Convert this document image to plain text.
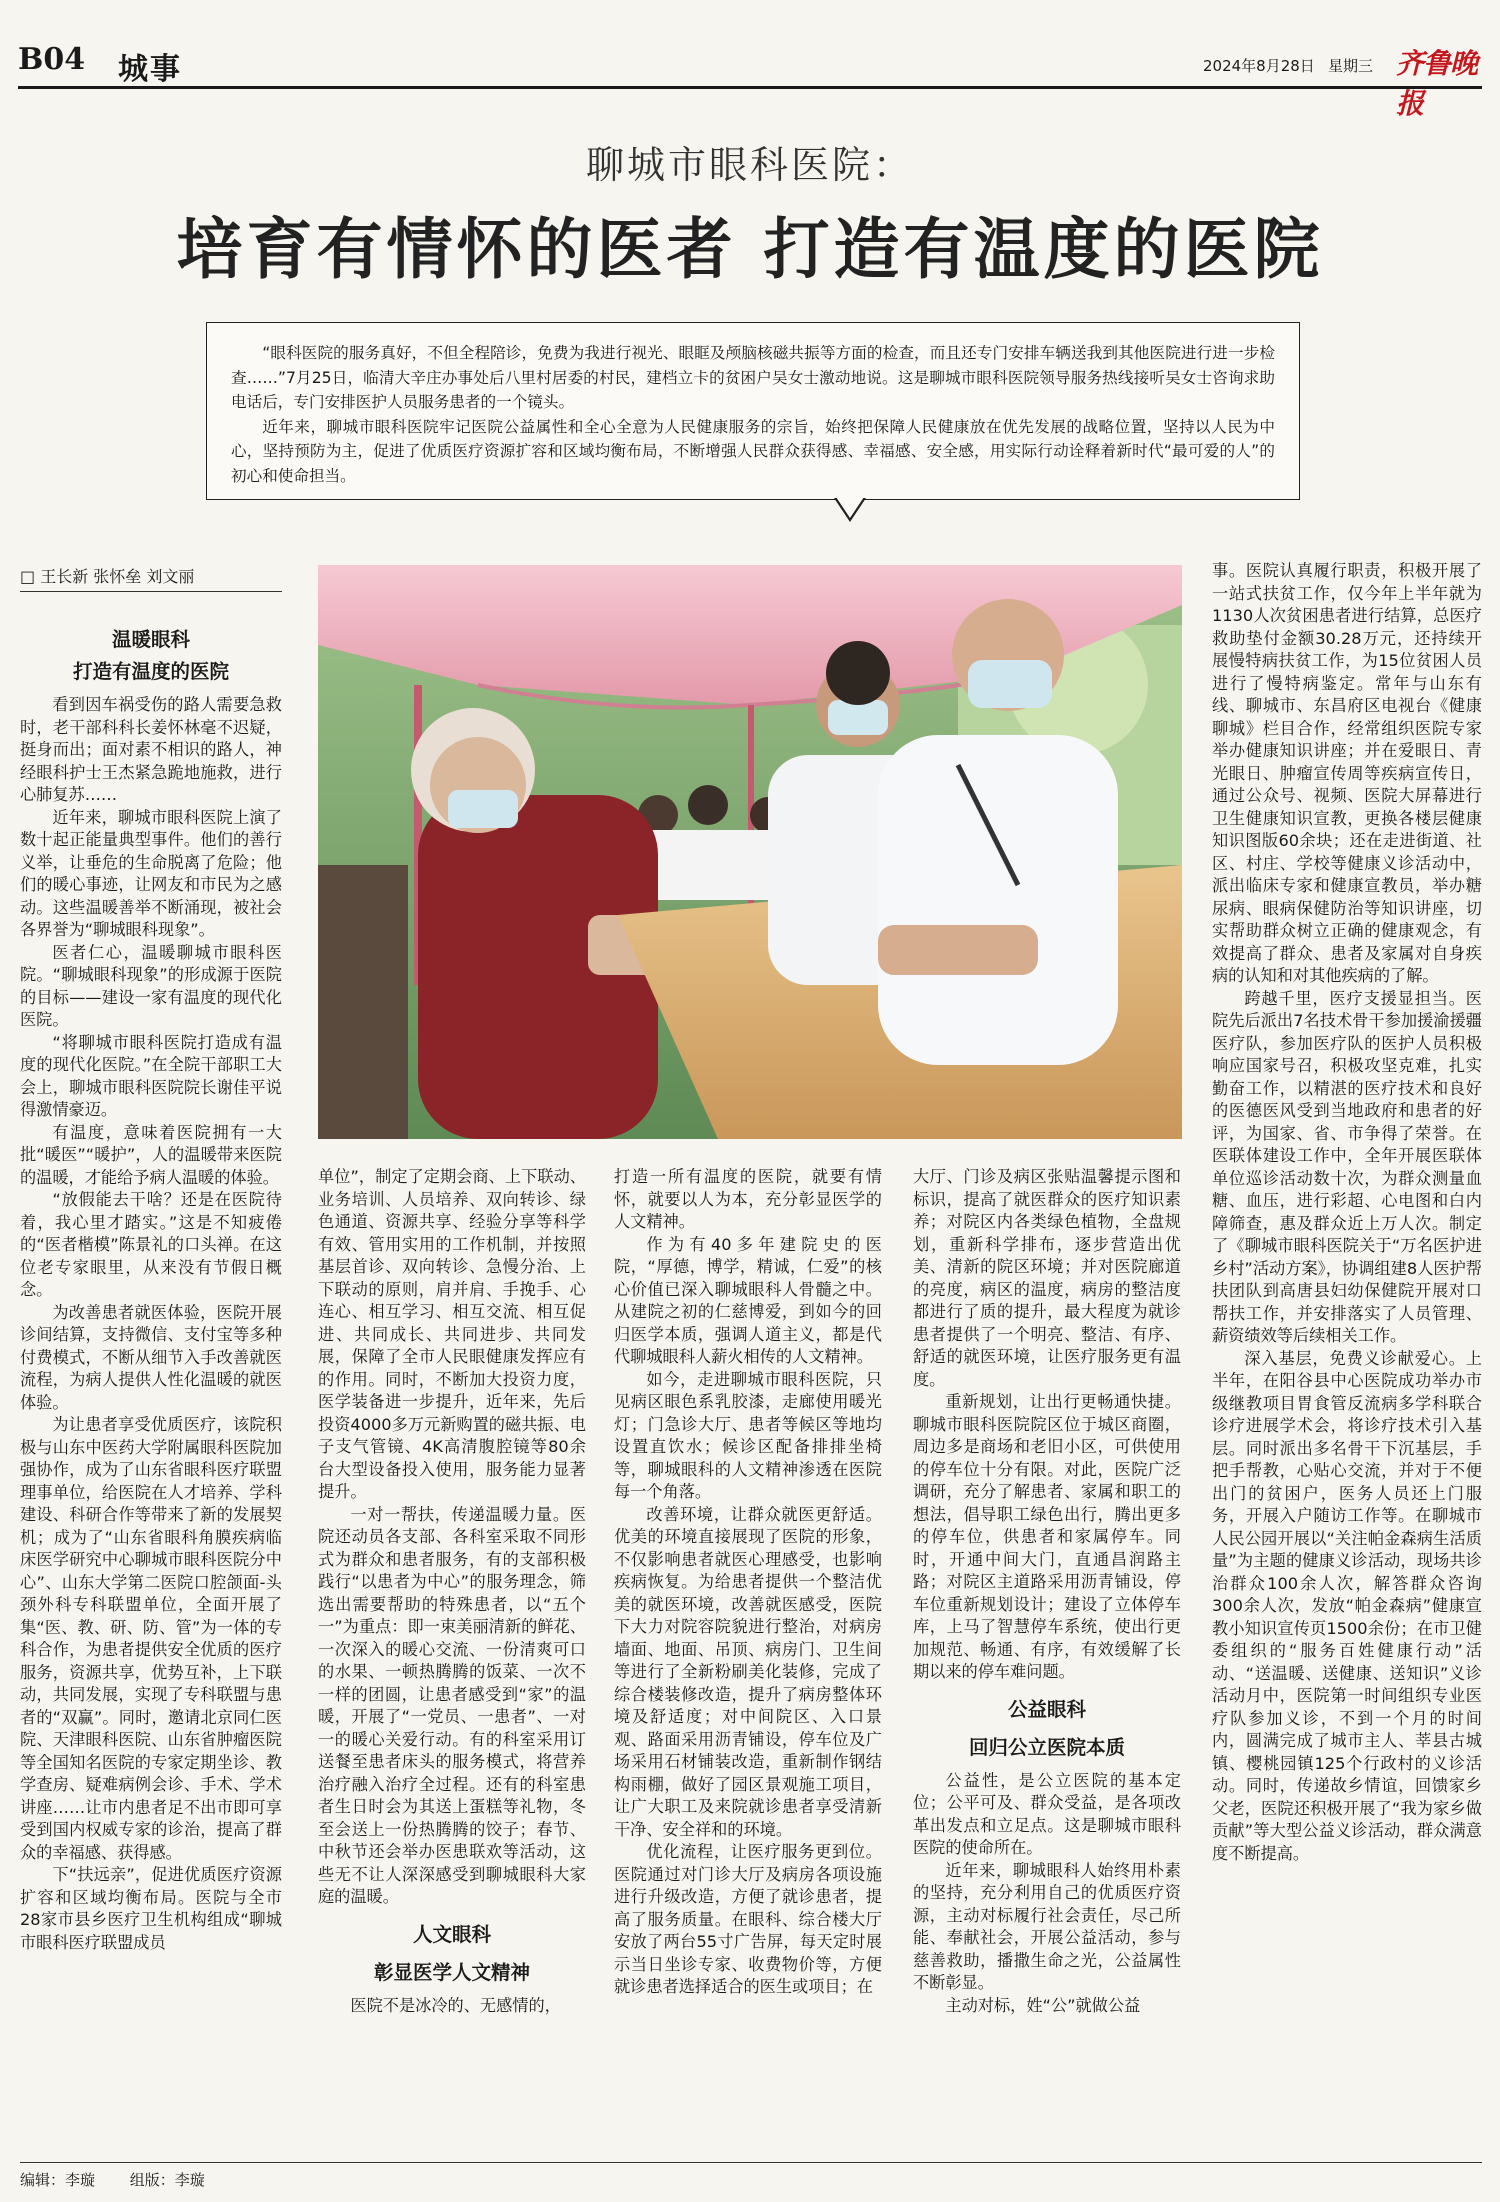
B04 城事	2024年8月28日 星期三 齐鲁晚报
聊城市眼科医院：
培育有情怀的医者 打造有温度的医院

“眼科医院的服务真好，不但全程陪诊，免费为我进行视光、眼眶及颅脑核磁共振等方面的检查，而且还专门安排车辆送我到其他医院进行进一步检查……”7月25日，临清大辛庄办事处后八里村居委的村民，建档立卡的贫困户吴女士激动地说。这是聊城市眼科医院领导服务热线接听吴女士咨询求助电话后，专门安排医护人员服务患者的一个镜头。

近年来，聊城市眼科医院牢记医院公益属性和全心全意为人民健康服务的宗旨，始终把保障人民健康放在优先发展的战略位置，坚持以人民为中心，坚持预防为主，促进了优质医疗资源扩容和区域均衡布局，不断增强人民群众获得感、幸福感、安全感，用实际行动诠释着新时代“最可爱的人”的初心和使命担当。

□ 王长新 张怀垒 刘文丽
温暖眼科
打造有温度的医院

看到因车祸受伤的路人需要急救时，老干部科科长姜怀林毫不迟疑，挺身而出；面对素不相识的路人，神经眼科护士王杰紧急跪地施救，进行心肺复苏……

近年来，聊城市眼科医院上演了数十起正能量典型事件。他们的善行义举，让垂危的生命脱离了危险；他们的暖心事迹，让网友和市民为之感动。这些温暖善举不断涌现，被社会各界誉为“聊城眼科现象”。

医者仁心，温暖聊城市眼科医院。“聊城眼科现象”的形成源于医院的目标——建设一家有温度的现代化医院。

“将聊城市眼科医院打造成有温度的现代化医院。”在全院干部职工大会上，聊城市眼科医院院长谢佳平说得激情豪迈。

有温度，意味着医院拥有一大批“暖医”“暖护”，人的温暖带来医院的温暖，才能给予病人温暖的体验。

“放假能去干啥？还是在医院待着，我心里才踏实。”这是不知疲倦的“医者楷模”陈景礼的口头禅。在这位老专家眼里，从来没有节假日概念。

为改善患者就医体验，医院开展诊间结算，支持微信、支付宝等多种付费模式，不断从细节入手改善就医流程，为病人提供人性化温暖的就医体验。

为让患者享受优质医疗，该院积极与山东中医药大学附属眼科医院加强协作，成为了山东省眼科医疗联盟理事单位，给医院在人才培养、学科建设、科研合作等带来了新的发展契机；成为了“山东省眼科角膜疾病临床医学研究中心聊城市眼科医院分中心”、山东大学第二医院口腔颌面-头颈外科专科联盟单位，全面开展了集“医、教、研、防、管”为一体的专科合作，为患者提供安全优质的医疗服务，资源共享，优势互补，上下联动，共同发展，实现了专科联盟与患者的“双赢”。同时，邀请北京同仁医院、天津眼科医院、山东省肿瘤医院等全国知名医院的专家定期坐诊、教学查房、疑难病例会诊、手术、学术讲座……让市内患者足不出市即可享受到国内权威专家的诊治，提高了群众的幸福感、获得感。

下“扶远亲”，促进优质医疗资源扩容和区域均衡布局。医院与全市28家市县乡医疗卫生机构组成“聊城市眼科医疗联盟成员

单位”，制定了定期会商、上下联动、业务培训、人员培养、双向转诊、绿色通道、资源共享、经验分享等科学有效、管用实用的工作机制，并按照基层首诊、双向转诊、急慢分治、上下联动的原则，肩并肩、手挽手、心连心、相互学习、相互交流、相互促进、共同成长、共同进步、共同发展，保障了全市人民眼健康发挥应有的作用。同时，不断加大投资力度，医学装备进一步提升，近年来，先后投资4000多万元新购置的磁共振、电子支气管镜、4K高清腹腔镜等80余台大型设备投入使用，服务能力显著提升。

一对一帮扶，传递温暖力量。医院还动员各支部、各科室采取不同形式为群众和患者服务，有的支部积极践行“以患者为中心”的服务理念，筛选出需要帮助的特殊患者，以“五个一”为重点：即一束美丽清新的鲜花、一次深入的暖心交流、一份清爽可口的水果、一顿热腾腾的饭菜、一次不一样的团圆，让患者感受到“家”的温暖，开展了“一党员、一患者”、一对一的暖心关爱行动。有的科室采用订送餐至患者床头的服务模式，将营养治疗融入治疗全过程。还有的科室患者生日时会为其送上蛋糕等礼物，冬至会送上一份热腾腾的饺子；春节、中秋节还会举办医患联欢等活动，这些无不让人深深感受到聊城眼科大家庭的温暖。

人文眼科
彰显医学人文精神

医院不是冰冷的、无感情的，

打造一所有温度的医院，就要有情怀，就要以人为本，充分彰显医学的人文精神。

作为有40多年建院史的医院，“厚德，博学，精诚，仁爱”的核心价值已深入聊城眼科人骨髓之中。从建院之初的仁慈博爱，到如今的回归医学本质，强调人道主义，都是代代聊城眼科人薪火相传的人文精神。

如今，走进聊城市眼科医院，只见病区眼色系乳胶漆，走廊使用暖光灯；门急诊大厅、患者等候区等地均设置直饮水；候诊区配备排排坐椅等，聊城眼科的人文精神渗透在医院每一个角落。

改善环境，让群众就医更舒适。优美的环境直接展现了医院的形象，不仅影响患者就医心理感受，也影响疾病恢复。为给患者提供一个整洁优美的就医环境，改善就医感受，医院下大力对院容院貌进行整治，对病房墙面、地面、吊顶、病房门、卫生间等进行了全新粉刷美化装修，完成了综合楼装修改造，提升了病房整体环境及舒适度；对中间院区、入口景观、路面采用沥青铺设，停车位及广场采用石材铺装改造，重新制作钢结构雨棚，做好了园区景观施工项目，让广大职工及来院就诊患者享受清新干净、安全祥和的环境。

优化流程，让医疗服务更到位。医院通过对门诊大厅及病房各项设施进行升级改造，方便了就诊患者，提高了服务质量。在眼科、综合楼大厅安放了两台55寸广告屏，每天定时展示当日坐诊专家、收费物价等，方便就诊患者选择适合的医生或项目；在

大厅、门诊及病区张贴温馨提示图和标识，提高了就医群众的医疗知识素养；对院区内各类绿色植物，全盘规划，重新科学排布，逐步营造出优美、清新的院区环境；并对医院廊道的亮度，病区的温度，病房的整洁度都进行了质的提升，最大程度为就诊患者提供了一个明亮、整洁、有序、舒适的就医环境，让医疗服务更有温度。

重新规划，让出行更畅通快捷。聊城市眼科医院院区位于城区商圈，周边多是商场和老旧小区，可供使用的停车位十分有限。对此，医院广泛调研，充分了解患者、家属和职工的想法，倡导职工绿色出行，腾出更多的停车位，供患者和家属停车。同时，开通中间大门，直通昌润路主路；对院区主道路采用沥青铺设，停车位重新规划设计；建设了立体停车库，上马了智慧停车系统，使出行更加规范、畅通、有序，有效缓解了长期以来的停车难问题。

公益眼科
回归公立医院本质

公益性，是公立医院的基本定位；公平可及、群众受益，是各项改革出发点和立足点。这是聊城市眼科医院的使命所在。

近年来，聊城眼科人始终用朴素的坚持，充分利用自己的优质医疗资源，主动对标履行社会责任，尽己所能、奉献社会，开展公益活动，参与慈善救助，播撒生命之光，公益属性不断彰显。

主动对标，姓“公”就做公益

事。医院认真履行职责，积极开展了一站式扶贫工作，仅今年上半年就为1130人次贫困患者进行结算，总医疗救助垫付金额30.28万元，还持续开展慢特病扶贫工作，为15位贫困人员进行了慢特病鉴定。常年与山东有线、聊城市、东昌府区电视台《健康聊城》栏目合作，经常组织医院专家举办健康知识讲座；并在爱眼日、青光眼日、肿瘤宣传周等疾病宣传日，通过公众号、视频、医院大屏幕进行卫生健康知识宣教，更换各楼层健康知识图版60余块；还在走进街道、社区、村庄、学校等健康义诊活动中，派出临床专家和健康宣教员，举办糖尿病、眼病保健防治等知识讲座，切实帮助群众树立正确的健康观念，有效提高了群众、患者及家属对自身疾病的认知和对其他疾病的了解。

跨越千里，医疗支援显担当。医院先后派出7名技术骨干参加援渝援疆医疗队，参加医疗队的医护人员积极响应国家号召，积极攻坚克难，扎实勤奋工作，以精湛的医疗技术和良好的医德医风受到当地政府和患者的好评，为国家、省、市争得了荣誉。在医联体建设工作中，全年开展医联体单位巡诊活动数十次，为群众测量血糖、血压，进行彩超、心电图和白内障筛查，惠及群众近上万人次。制定了《聊城市眼科医院关于“万名医护进乡村”活动方案》，协调组建8人医护帮扶团队到高唐县妇幼保健院开展对口帮扶工作，并安排落实了人员管理、薪资绩效等后续相关工作。

深入基层，免费义诊献爱心。上半年，在阳谷县中心医院成功举办市级继教项目胃食管反流病多学科联合诊疗进展学术会，将诊疗技术引入基层。同时派出多名骨干下沉基层，手把手帮教，心贴心交流，并对于不便出门的贫困户，医务人员还上门服务，开展入户随访工作等。在聊城市人民公园开展以“关注帕金森病生活质量”为主题的健康义诊活动，现场共诊治群众100余人次，解答群众咨询300余人次，发放“帕金森病”健康宣教小知识宣传页1500余份；在市卫健委组织的“服务百姓健康行动”活动、“送温暖、送健康、送知识”义诊活动月中，医院第一时间组织专业医疗队参加义诊，不到一个月的时间内，圆满完成了城市主人、莘县古城镇、樱桃园镇125个行政村的义诊活动。同时，传递故乡情谊，回馈家乡父老，医院还积极开展了“我为家乡做贡献”等大型公益义诊活动，群众满意度不断提高。

编辑：李璇 组版：李璇
